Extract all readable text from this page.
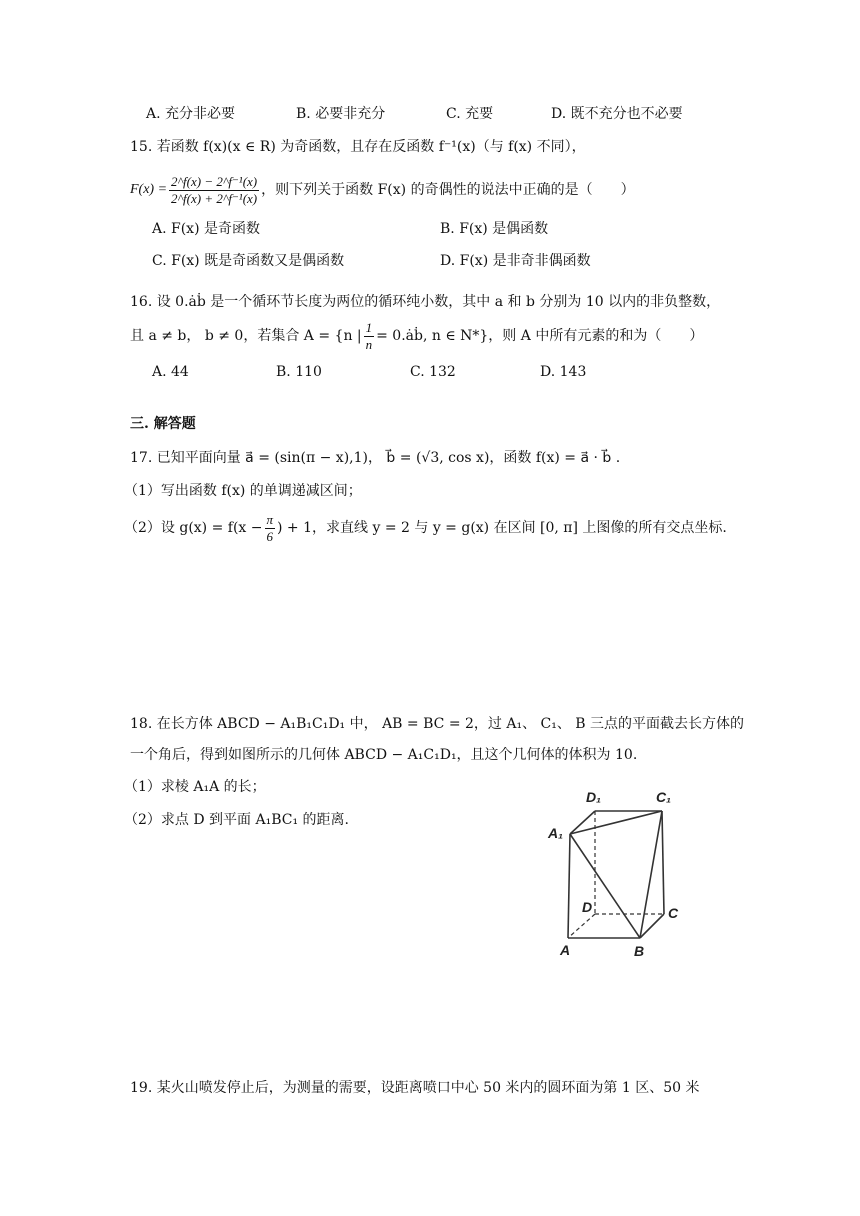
A. 充分非必要	B. 必要非充分	C. 充要	D. 既不充分也不必要
15. 若函数 f(x)(x ∈ R) 为奇函数，且存在反函数 f⁻¹(x)（与 f(x) 不同），
$F(x) = \frac{\text{2\textasciicircum{}f(x) − 2\textasciicircum{}f⁻¹(x)}}{\text{2\textasciicircum{}f(x) + 2\textasciicircum{}f⁻¹(x)}}$ ，则下列关于函数 F(x) 的奇偶性的说法中正确的是（　　）
A. F(x) 是奇函数	B. F(x) 是偶函数
C. F(x) 既是奇函数又是偶函数	D. F(x) 是非奇非偶函数
16. 设 0.ȧḃ 是一个循环节长度为两位的循环纯小数，其中 a 和 b 分别为 10 以内的非负整数，
且 a ≠ b， b ≠ 0，若集合 A = {n | $\frac{1}{n}$ = 0.ȧḃ, n ∈ N*}，则 A 中所有元素的和为（　　）
A. 44	B. 110	C. 132	D. 143
三. 解答题
17. 已知平面向量 a⃗ = (sin(π − x),1)， b⃗ = (√3, cos x)，函数 f(x) = a⃗ · b⃗ .
（1）写出函数 f(x) 的单调递减区间；
（2）设 $g(x) = f(x - \frac{\pi}{6}$ ) + 1，求直线 y = 2 与 y = g(x) 在区间 [0, π] 上图像的所有交点坐标.
18. 在长方体 ABCD − A₁B₁C₁D₁ 中， AB = BC = 2，过 A₁、 C₁、 B 三点的平面截去长方体的
一个角后，得到如图所示的几何体 ABCD − A₁C₁D₁，且这个几何体的体积为 10.
（1）求棱 A₁A 的长；
（2）求点 D 到平面 A₁BC₁ 的距离.
D₁	C₁
A₁
D	C
A	B
19. 某火山喷发停止后，为测量的需要，设距离喷口中心 50 米内的圆环面为第 1 区、50 米
